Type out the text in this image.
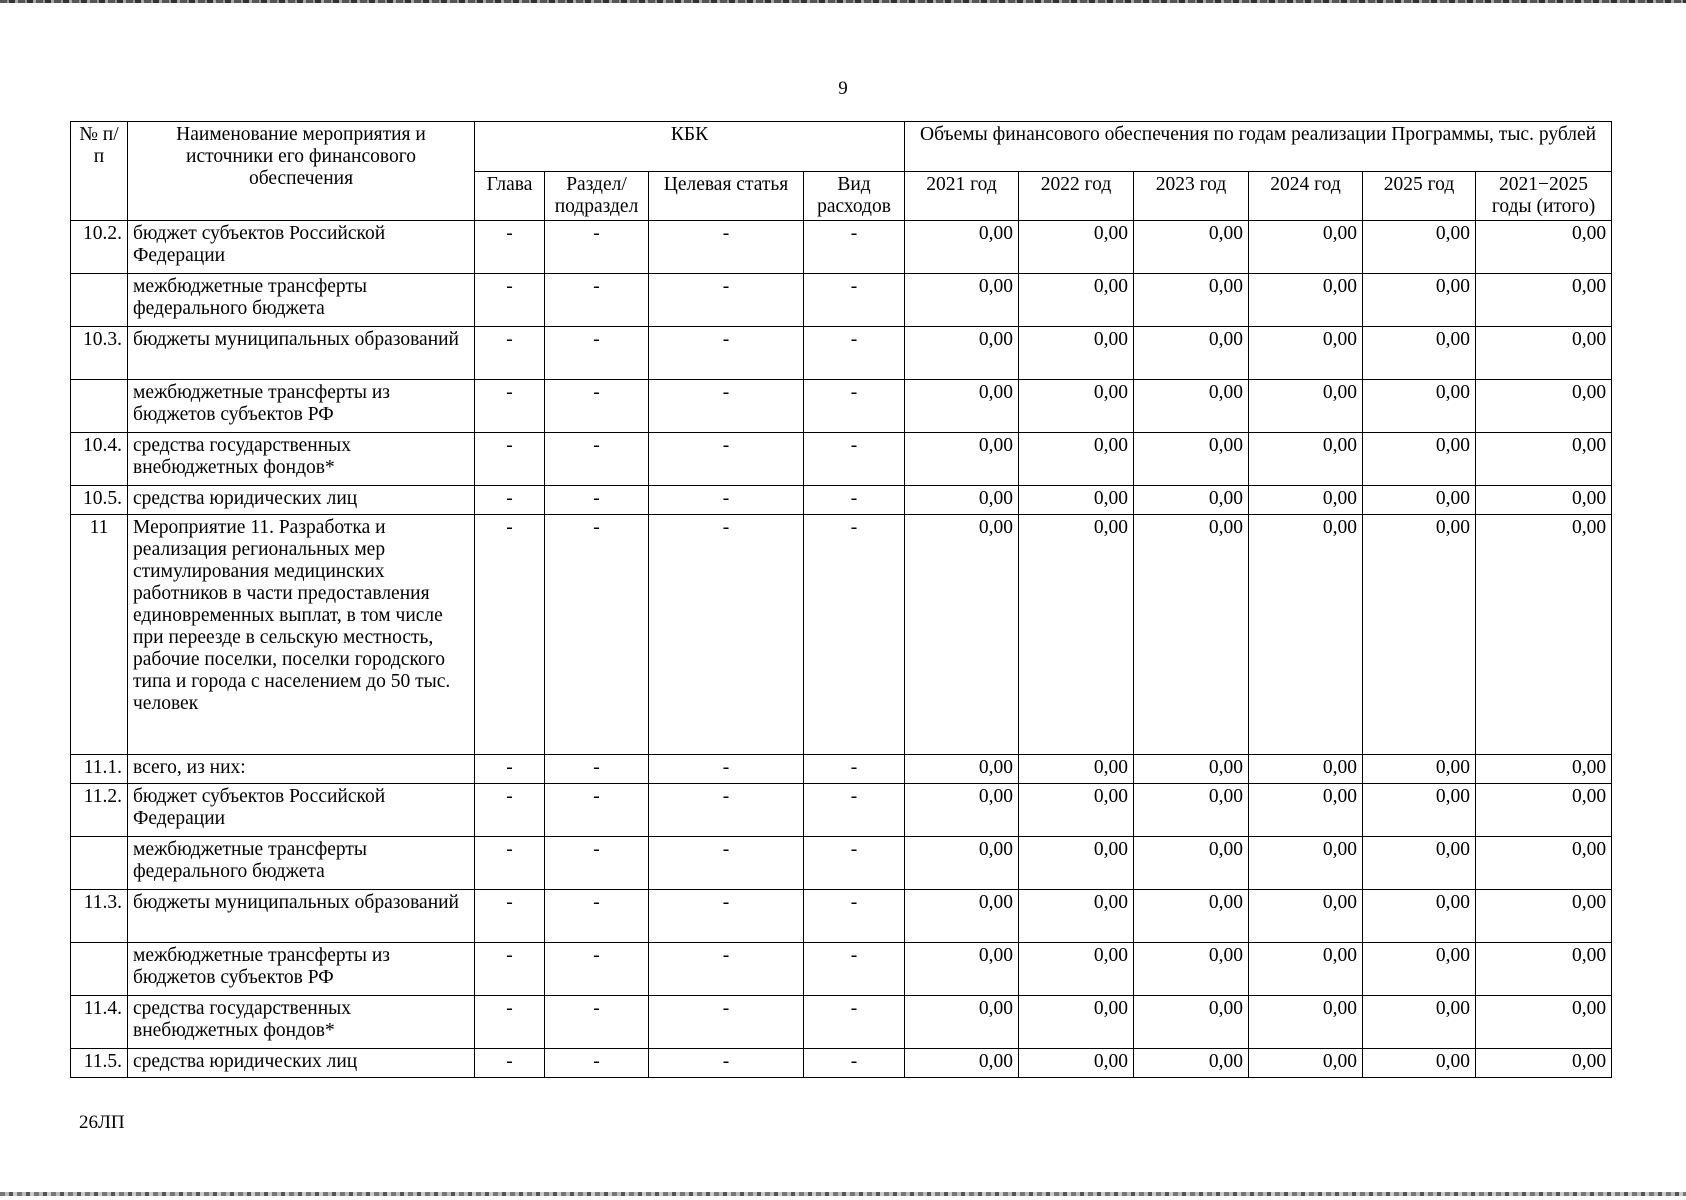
9
№ п/п	Наименование мероприятия и источники его финансового обеспечения	КБК				Объемы финансового обеспечения по годам реализации Программы, тыс. рублей					
		Глава	Раздел/ подраздел	Целевая статья	Вид расходов	2021 год	2022 год	2023 год	2024 год	2025 год	2021−2025 годы (итого)
10.2.	бюджет субъектов Российской Федерации	-	-	-	-	0,00	0,00	0,00	0,00	0,00	0,00
	межбюджетные трансферты федерального бюджета	-	-	-	-	0,00	0,00	0,00	0,00	0,00	0,00
10.3.	бюджеты муниципальных образований	-	-	-	-	0,00	0,00	0,00	0,00	0,00	0,00
	межбюджетные трансферты из бюджетов субъектов РФ	-	-	-	-	0,00	0,00	0,00	0,00	0,00	0,00
10.4.	средства государственных внебюджетных фондов*	-	-	-	-	0,00	0,00	0,00	0,00	0,00	0,00
10.5.	средства юридических лиц	-	-	-	-	0,00	0,00	0,00	0,00	0,00	0,00
11	Мероприятие 11. Разработка и реализация региональных мер стимулирования медицинских работников в части предоставления единовременных выплат, в том числе при переезде в сельскую местность, рабочие поселки, поселки городского типа и города с населением до 50 тыс. человек	-	-	-	-	0,00	0,00	0,00	0,00	0,00	0,00
11.1.	всего, из них:	-	-	-	-	0,00	0,00	0,00	0,00	0,00	0,00
11.2.	бюджет субъектов Российской Федерации	-	-	-	-	0,00	0,00	0,00	0,00	0,00	0,00
	межбюджетные трансферты федерального бюджета	-	-	-	-	0,00	0,00	0,00	0,00	0,00	0,00
11.3.	бюджеты муниципальных образований	-	-	-	-	0,00	0,00	0,00	0,00	0,00	0,00
	межбюджетные трансферты из бюджетов субъектов РФ	-	-	-	-	0,00	0,00	0,00	0,00	0,00	0,00
11.4.	средства государственных внебюджетных фондов*	-	-	-	-	0,00	0,00	0,00	0,00	0,00	0,00
11.5.	средства юридических лиц	-	-	-	-	0,00	0,00	0,00	0,00	0,00	0,00
26ЛП
